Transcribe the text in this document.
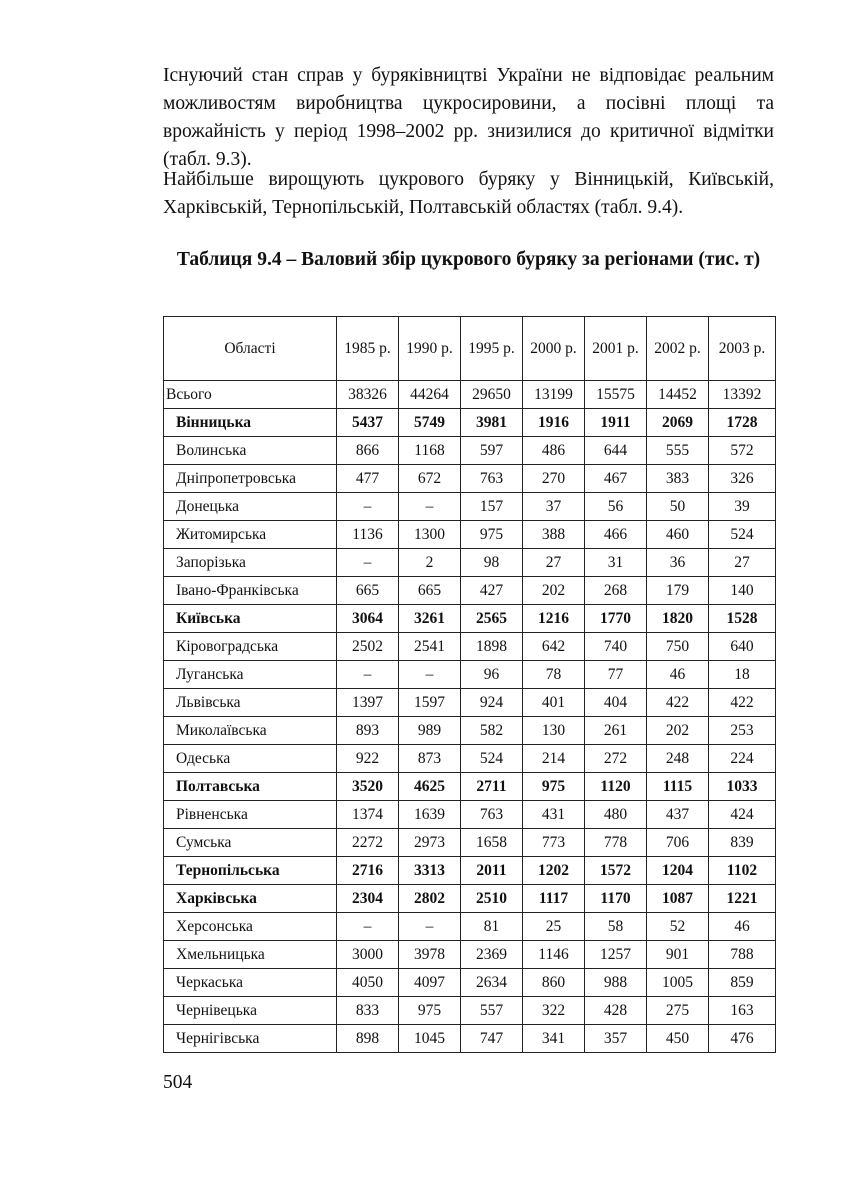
Існуючий стан справ у буряківництві України не відповідає реальним можливостям виробництва цукросировини, а посівні площі та врожайність у період 1998–2002 рр. знизилися до критичної відмітки (табл. 9.3).

Найбільше вирощують цукрового буряку у Вінницькій, Київській, Харківській, Тернопільській, Полтавській областях (табл. 9.4).

Таблиця 9.4 – Валовий збір цукрового буряку за регіонами (тис. т)

Області	1985 р.	1990 р.	1995 р.	2000 р.	2001 р.	2002 р.	2003 р.
Всього	38326	44264	29650	13199	15575	14452	13392
Вінницька	5437	5749	3981	1916	1911	2069	1728
Волинська	866	1168	597	486	644	555	572
Дніпропетровська	477	672	763	270	467	383	326
Донецька	–	–	157	37	56	50	39
Житомирська	1136	1300	975	388	466	460	524
Запорізька	–	2	98	27	31	36	27
Івано-Франківська	665	665	427	202	268	179	140
Київська	3064	3261	2565	1216	1770	1820	1528
Кіровоградська	2502	2541	1898	642	740	750	640
Луганська	–	–	96	78	77	46	18
Львівська	1397	1597	924	401	404	422	422
Миколаївська	893	989	582	130	261	202	253
Одеська	922	873	524	214	272	248	224
Полтавська	3520	4625	2711	975	1120	1115	1033
Рівненська	1374	1639	763	431	480	437	424
Сумська	2272	2973	1658	773	778	706	839
Тернопільська	2716	3313	2011	1202	1572	1204	1102
Харківська	2304	2802	2510	1117	1170	1087	1221
Херсонська	–	–	81	25	58	52	46
Хмельницька	3000	3978	2369	1146	1257	901	788
Черкаська	4050	4097	2634	860	988	1005	859
Чернівецька	833	975	557	322	428	275	163
Чернігівська	898	1045	747	341	357	450	476

504
